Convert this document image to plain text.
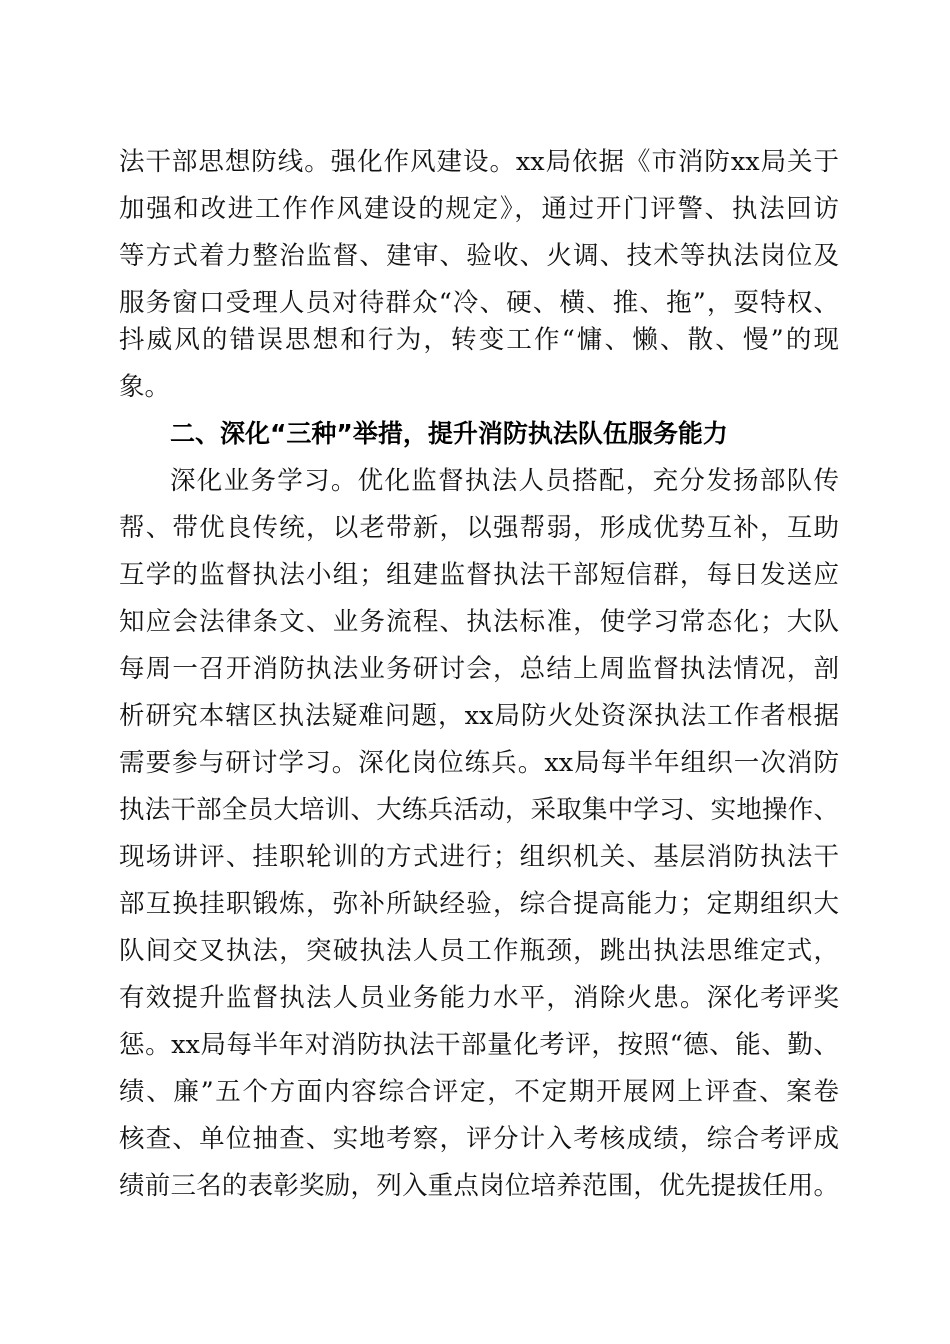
法干部思想防线。强化作风建设。xx局依据《市消防xx局关于
加强和改进工作作风建设的规定》，通过开门评警、执法回访
等方式着力整治监督、建审、验收、火调、技术等执法岗位及
服务窗口受理人员对待群众“冷、硬、横、推、拖”，耍特权、
抖威风的错误思想和行为，转变工作“慵、懒、散、慢”的现
象。
二、深化“三种”举措，提升消防执法队伍服务能力
深化业务学习。优化监督执法人员搭配，充分发扬部队传
帮、带优良传统，以老带新，以强帮弱，形成优势互补，互助
互学的监督执法小组；组建监督执法干部短信群，每日发送应
知应会法律条文、业务流程、执法标准，使学习常态化；大队
每周一召开消防执法业务研讨会，总结上周监督执法情况，剖
析研究本辖区执法疑难问题，xx局防火处资深执法工作者根据
需要参与研讨学习。深化岗位练兵。xx局每半年组织一次消防
执法干部全员大培训、大练兵活动，采取集中学习、实地操作、
现场讲评、挂职轮训的方式进行；组织机关、基层消防执法干
部互换挂职锻炼，弥补所缺经验，综合提高能力；定期组织大
队间交叉执法，突破执法人员工作瓶颈，跳出执法思维定式，
有效提升监督执法人员业务能力水平，消除火患。深化考评奖
惩。xx局每半年对消防执法干部量化考评，按照“德、能、勤、
绩、廉”五个方面内容综合评定，不定期开展网上评查、案卷
核查、单位抽查、实地考察，评分计入考核成绩，综合考评成
绩前三名的表彰奖励，列入重点岗位培养范围，优先提拔任用。
